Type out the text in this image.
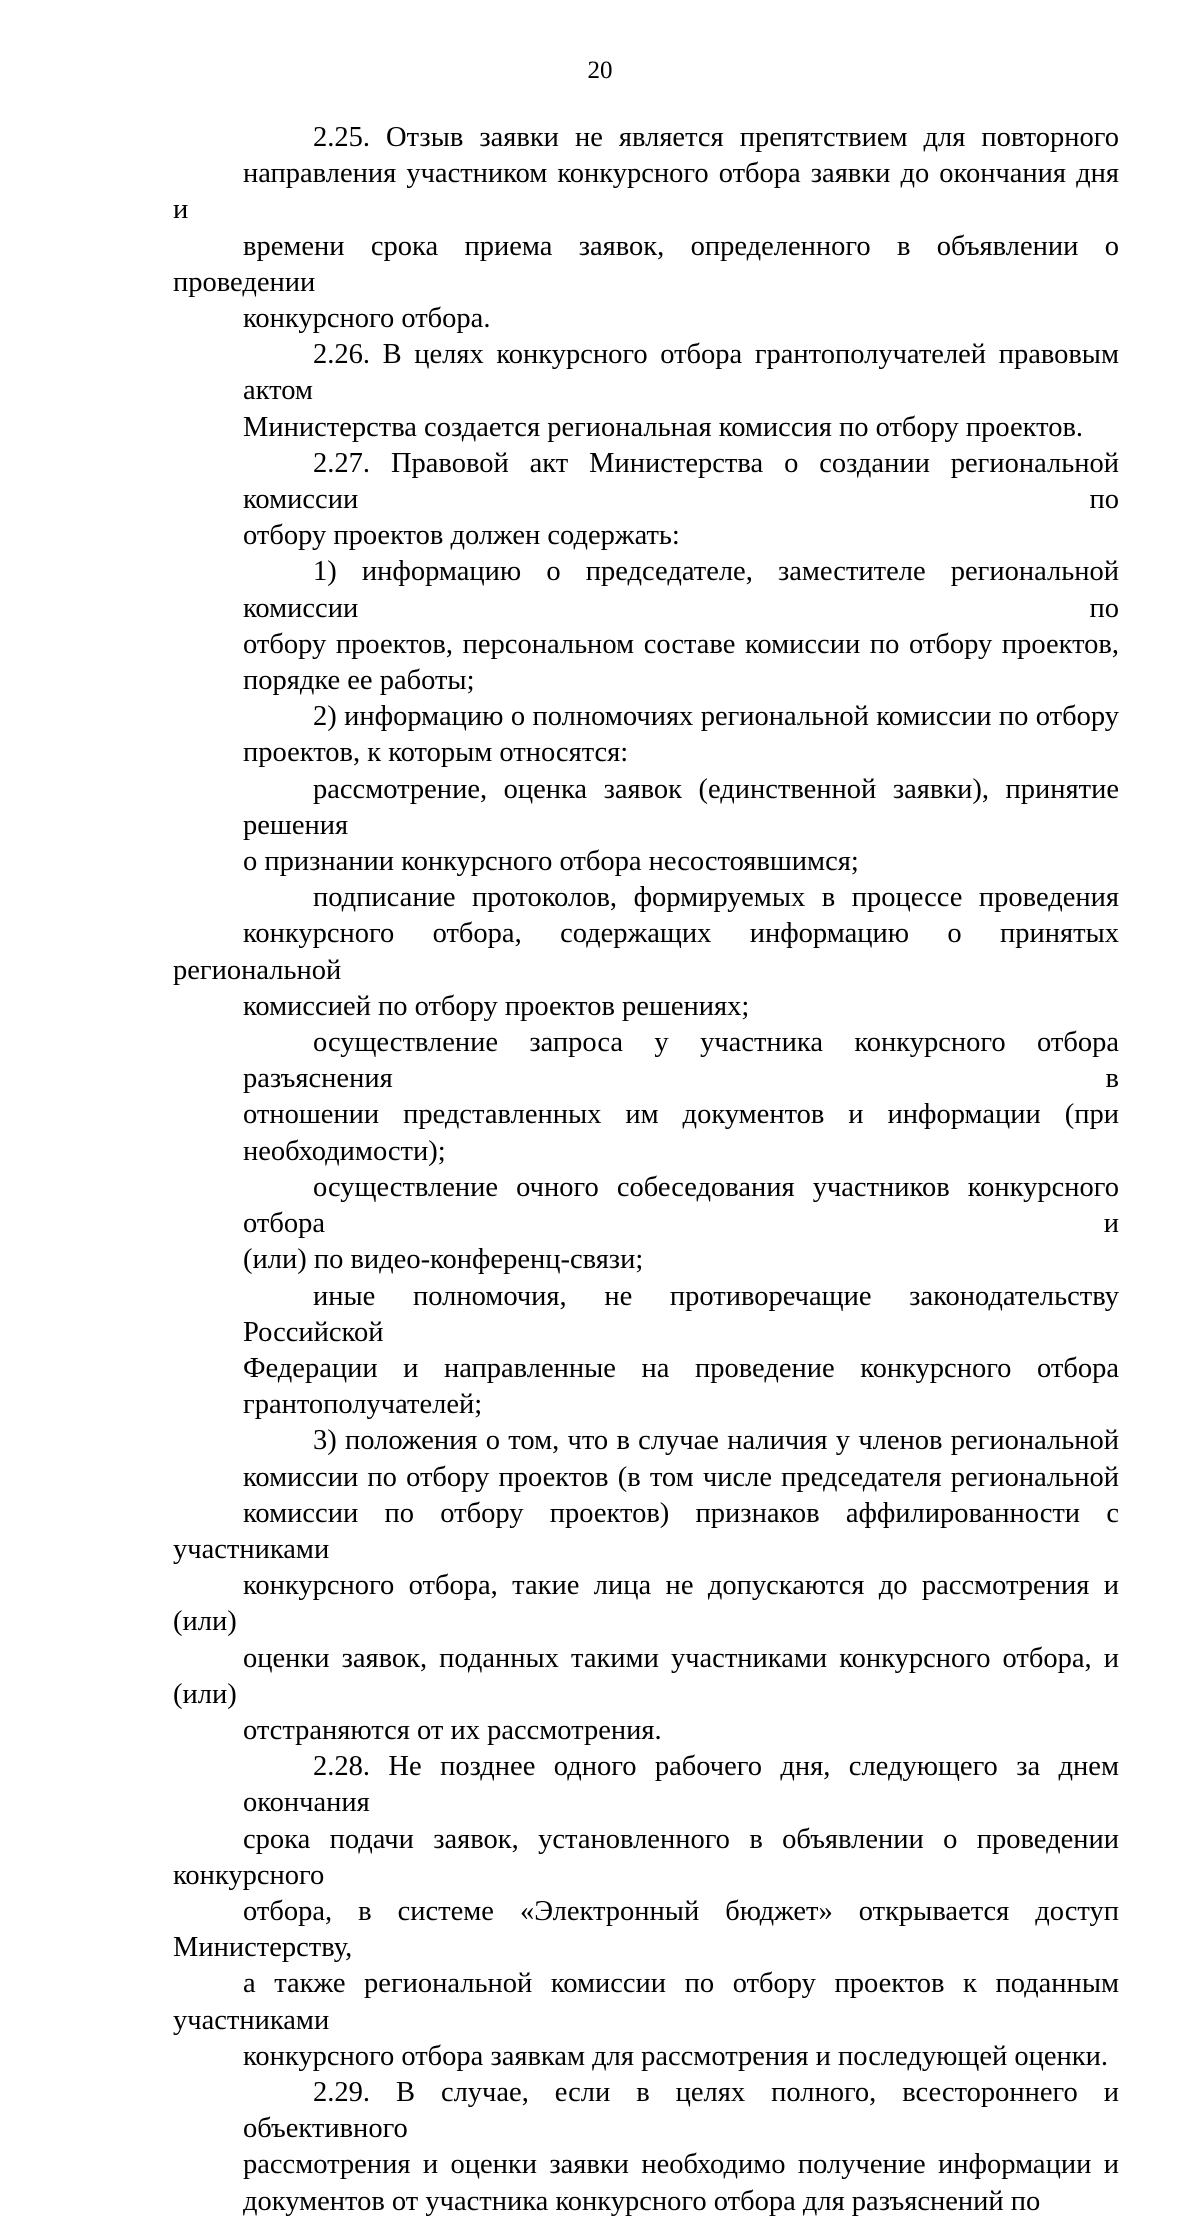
20
2.25. Отзыв заявки не является препятствием для повторного
направления участником конкурсного отбора заявки до окончания дня и
времени срока приема заявок, определенного в объявлении о проведении
конкурсного отбора.
2.26. В целях конкурсного отбора грантополучателей правовым актом
Министерства создается региональная комиссия по отбору проектов.
2.27. Правовой акт Министерства о создании региональной комиссии по
отбору проектов должен содержать:
1) информацию о председателе, заместителе региональной комиссии по
отбору проектов, персональном составе комиссии по отбору проектов,
порядке ее работы;
2) информацию о полномочиях региональной комиссии по отбору
проектов, к которым относятся:
рассмотрение, оценка заявок (единственной заявки), принятие решения
о признании конкурсного отбора несостоявшимся;
подписание протоколов, формируемых в процессе проведения
конкурсного отбора, содержащих информацию о принятых региональной
комиссией по отбору проектов решениях;
осуществление запроса у участника конкурсного отбора разъяснения в
отношении представленных им документов и информации (при
необходимости);
осуществление очного собеседования участников конкурсного отбора и
(или) по видео-конференц-связи;
иные полномочия, не противоречащие законодательству Российской
Федерации и направленные на проведение конкурсного отбора
грантополучателей;
3) положения о том, что в случае наличия у членов региональной
комиссии по отбору проектов (в том числе председателя региональной
комиссии по отбору проектов) признаков аффилированности с участниками
конкурсного отбора, такие лица не допускаются до рассмотрения и (или)
оценки заявок, поданных такими участниками конкурсного отбора, и (или)
отстраняются от их рассмотрения.
2.28. Не позднее одного рабочего дня, следующего за днем окончания
срока подачи заявок, установленного в объявлении о проведении конкурсного
отбора, в системе «Электронный бюджет» открывается доступ Министерству,
а также региональной комиссии по отбору проектов к поданным участниками
конкурсного отбора заявкам для рассмотрения и последующей оценки.
2.29. В случае, если в целях полного, всестороннего и объективного
рассмотрения и оценки заявки необходимо получение информации и
документов от участника конкурсного отбора для разъяснений по
